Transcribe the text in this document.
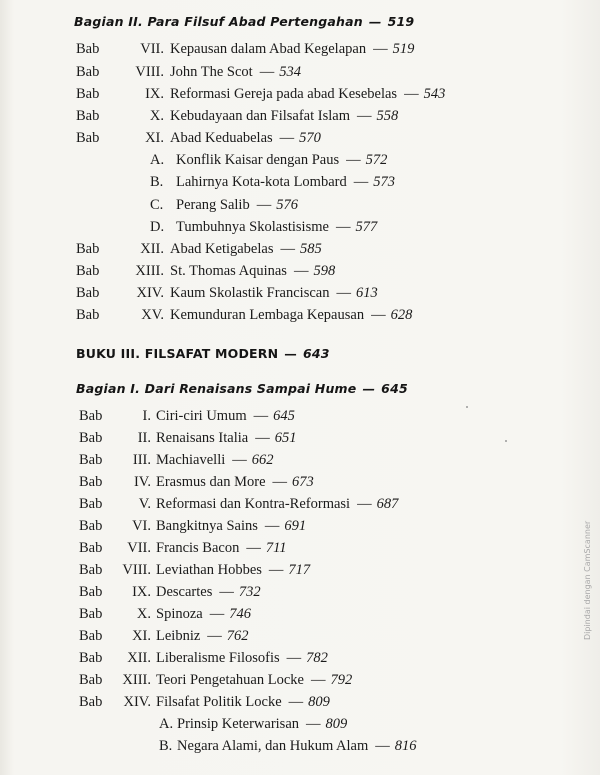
Bagian II. Para Filsuf Abad Pertengahan — 519
Bab	VII. Kepausan dalam Abad Kegelapan — 519
Bab	VIII. John The Scot — 534
Bab	IX. Reformasi Gereja pada abad Kesebelas — 543
Bab	X. Kebudayaan dan Filsafat Islam — 558
Bab	XI. Abad Keduabelas — 570
A. Konflik Kaisar dengan Paus — 572
B. Lahirnya Kota-kota Lombard — 573
C. Perang Salib — 576
D. Tumbuhnya Skolastisisme — 577
Bab	XII. Abad Ketigabelas — 585
Bab	XIII. St. Thomas Aquinas — 598
Bab	XIV. Kaum Skolastik Franciscan — 613
Bab	XV. Kemunduran Lembaga Kepausan — 628
BUKU III. FILSAFAT MODERN — 643
Bagian I. Dari Renaisans Sampai Hume — 645
Bab	I. Ciri-ciri Umum — 645
Bab	II. Renaisans Italia — 651
Bab	III. Machiavelli — 662
Bab	IV. Erasmus dan More — 673
Bab	V. Reformasi dan Kontra-Reformasi — 687
Bab	VI. Bangkitnya Sains — 691
Bab	VII. Francis Bacon — 711
Bab	VIII. Leviathan Hobbes — 717
Bab	IX. Descartes — 732
Bab	X. Spinoza — 746
Bab	XI. Leibniz — 762
Bab	XII. Liberalisme Filosofis — 782
Bab	XIII. Teori Pengetahuan Locke — 792
Bab	XIV. Filsafat Politik Locke — 809
A. Prinsip Keterwarisan — 809
B. Negara Alami, dan Hukum Alam — 816
Dipindai dengan CamScanner
